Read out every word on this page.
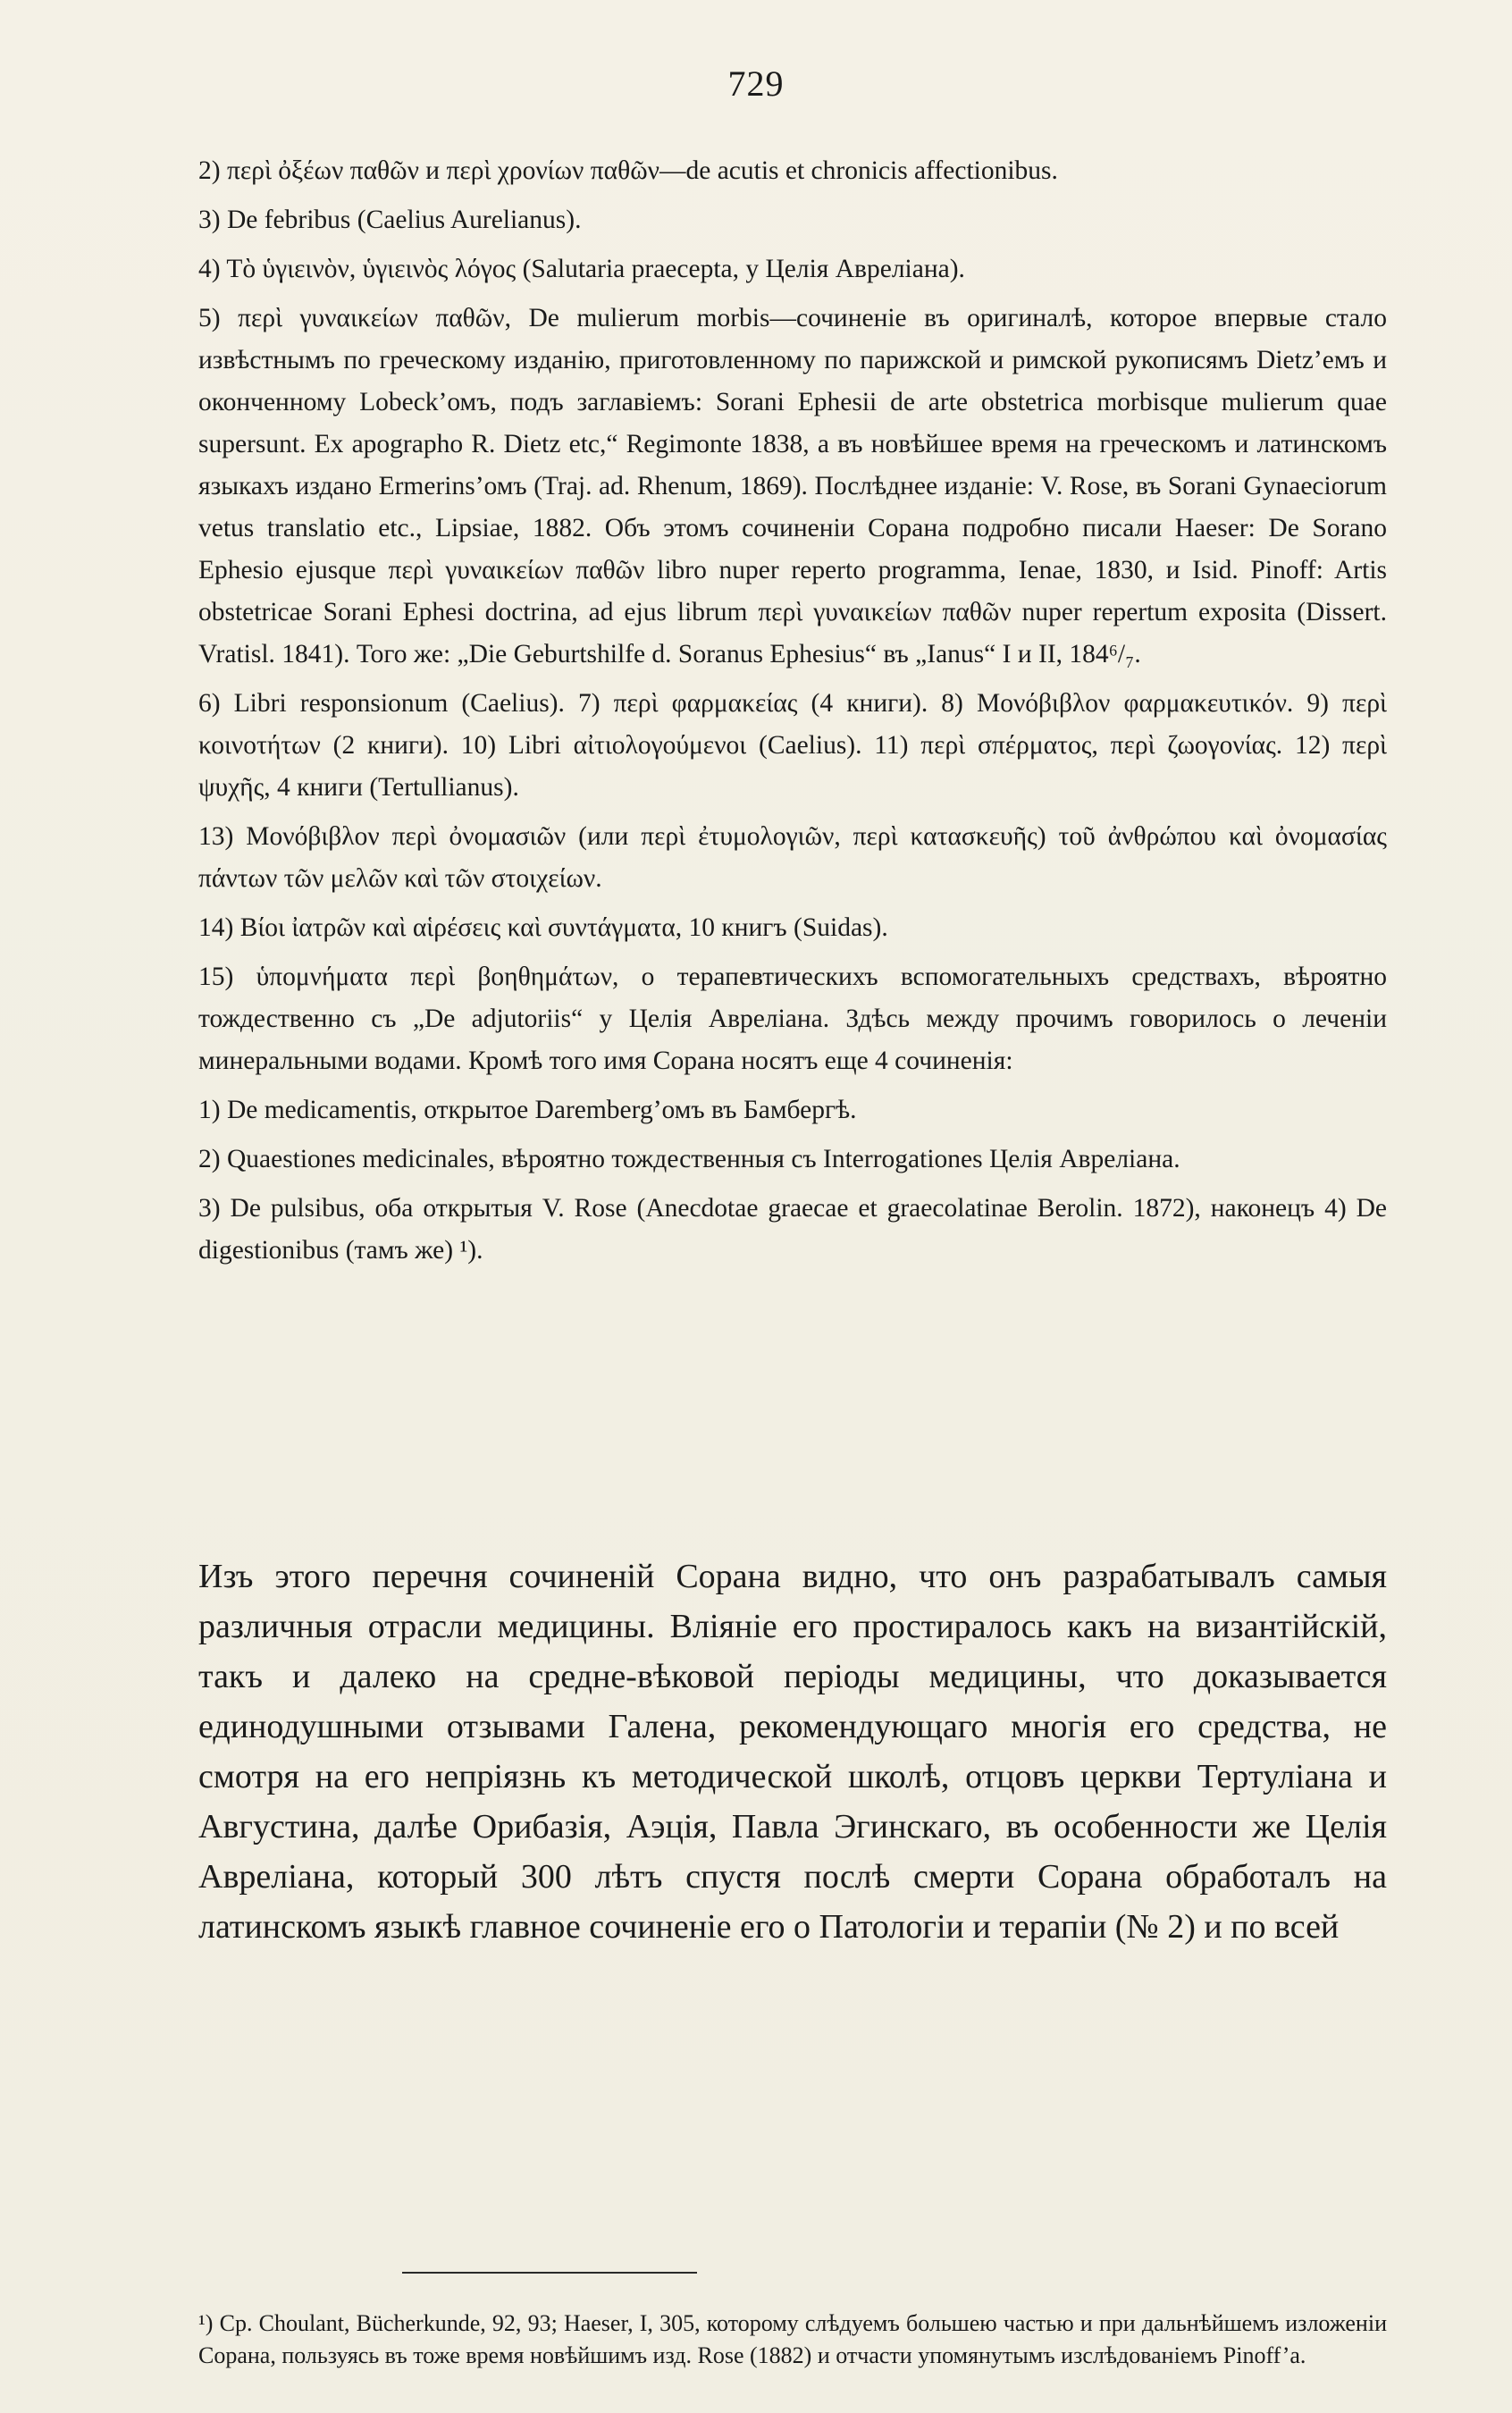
729

2) περὶ ὀξέων παθῶν и περὶ χρονίων παθῶν—de acutis et chronicis affectionibus.

3) De febribus (Caelius Aurelianus).

4) Τὸ ὑγιεινὸν, ὑγιεινὸς λόγος (Salutaria praecepta, у Целія Авреліана).

5) περὶ γυναικείων παθῶν, De mulierum morbis—сочиненіе въ оригиналѣ, которое впервые стало извѣстнымъ по греческому изданію, приготовленному по парижской и римской рукописямъ Dietz’емъ и оконченному Lobeck’омъ, подъ заглавіемъ: Sorani Ephesii de arte obstetrica morbisque mulierum quae supersunt. Ex apographo R. Dietz etc,“ Regimonte 1838, а въ новѣйшее время на греческомъ и латинскомъ языкахъ издано Ermerins’омъ (Traj. ad. Rhenum, 1869). Послѣднее изданіе: V. Rose, въ Sorani Gynaeciorum vetus translatio etc., Lipsiae, 1882. Объ этомъ сочиненіи Сорана подробно писали Haeser: De Sorano Ephesio ejusque περὶ γυναικείων παθῶν libro nuper reperto programma, Ienae, 1830, и Isid. Pinoff: Artis obstetricae Sorani Ephesi doctrina, ad ejus librum περὶ γυναικείων παθῶν nuper repertum exposita (Dissert. Vratisl. 1841). Того же: „Die Geburtshilfe d. Soranus Ephesius“ въ „Ianus“ I и II, 184⁶/₇.

6) Libri responsionum (Caelius). 7) περὶ φαρμακείας (4 книги). 8) Μονόβιβλον φαρμακευτικόν. 9) περὶ κοινοτήτων (2 книги). 10) Libri αἰτιολογούμενοι (Caelius). 11) περὶ σπέρματος, περὶ ζωογονίας. 12) περὶ ψυχῆς, 4 книги (Tertullianus).

13) Μονόβιβλον περὶ ὀνομασιῶν (или περὶ ἐτυμολογιῶν, περὶ κατασκευῆς) τοῦ ἀνθρώπου καὶ ὀνομασίας πάντων τῶν μελῶν καὶ τῶν στοιχείων.

14) Βίοι ἰατρῶν καὶ αἱρέσεις καὶ συντάγματα, 10 книгъ (Suidas).

15) ὑπομνήματα περὶ βοηθημάτων, о терапевтическихъ вспомогательныхъ средствахъ, вѣроятно тождественно съ „De adjutoriis“ у Целія Авреліана. Здѣсь между прочимъ говорилось о леченіи минеральными водами. Кромѣ того имя Сорана носятъ еще 4 сочиненія:

1) De medicamentis, открытое Daremberg’омъ въ Бамбергѣ.

2) Quaestiones medicinales, вѣроятно тождественныя съ Interrogationes Целія Авреліана.

3) De pulsibus, оба открытыя V. Rose (Anecdotae graecae et graecolatinae Berolin. 1872), наконецъ 4) De digestionibus (тамъ же) ¹).

Изъ этого перечня сочиненій Сорана видно, что онъ разрабатывалъ самыя различныя отрасли медицины. Вліяніе его простиралось какъ на византійскій, такъ и далеко на средне-вѣковой періоды медицины, что доказывается единодушными отзывами Галена, рекомендующаго многія его средства, не смотря на его непріязнь къ методической школѣ, отцовъ церкви Тертуліана и Августина, далѣе Орибазія, Аэція, Павла Эгинскаго, въ особенности же Целія Авреліана, который 300 лѣтъ спустя послѣ смерти Сорана обработалъ на латинскомъ языкѣ главное сочиненіе его о Патологіи и терапіи (№ 2) и по всей

¹) Ср. Choulant, Bücherkunde, 92, 93; Haeser, I, 305, которому слѣдуемъ большею частью и при дальнѣйшемъ изложеніи Сорана, пользуясь въ тоже время новѣйшимъ изд. Rose (1882) и отчасти упомянутымъ изслѣдованіемъ Pinoff’а.
